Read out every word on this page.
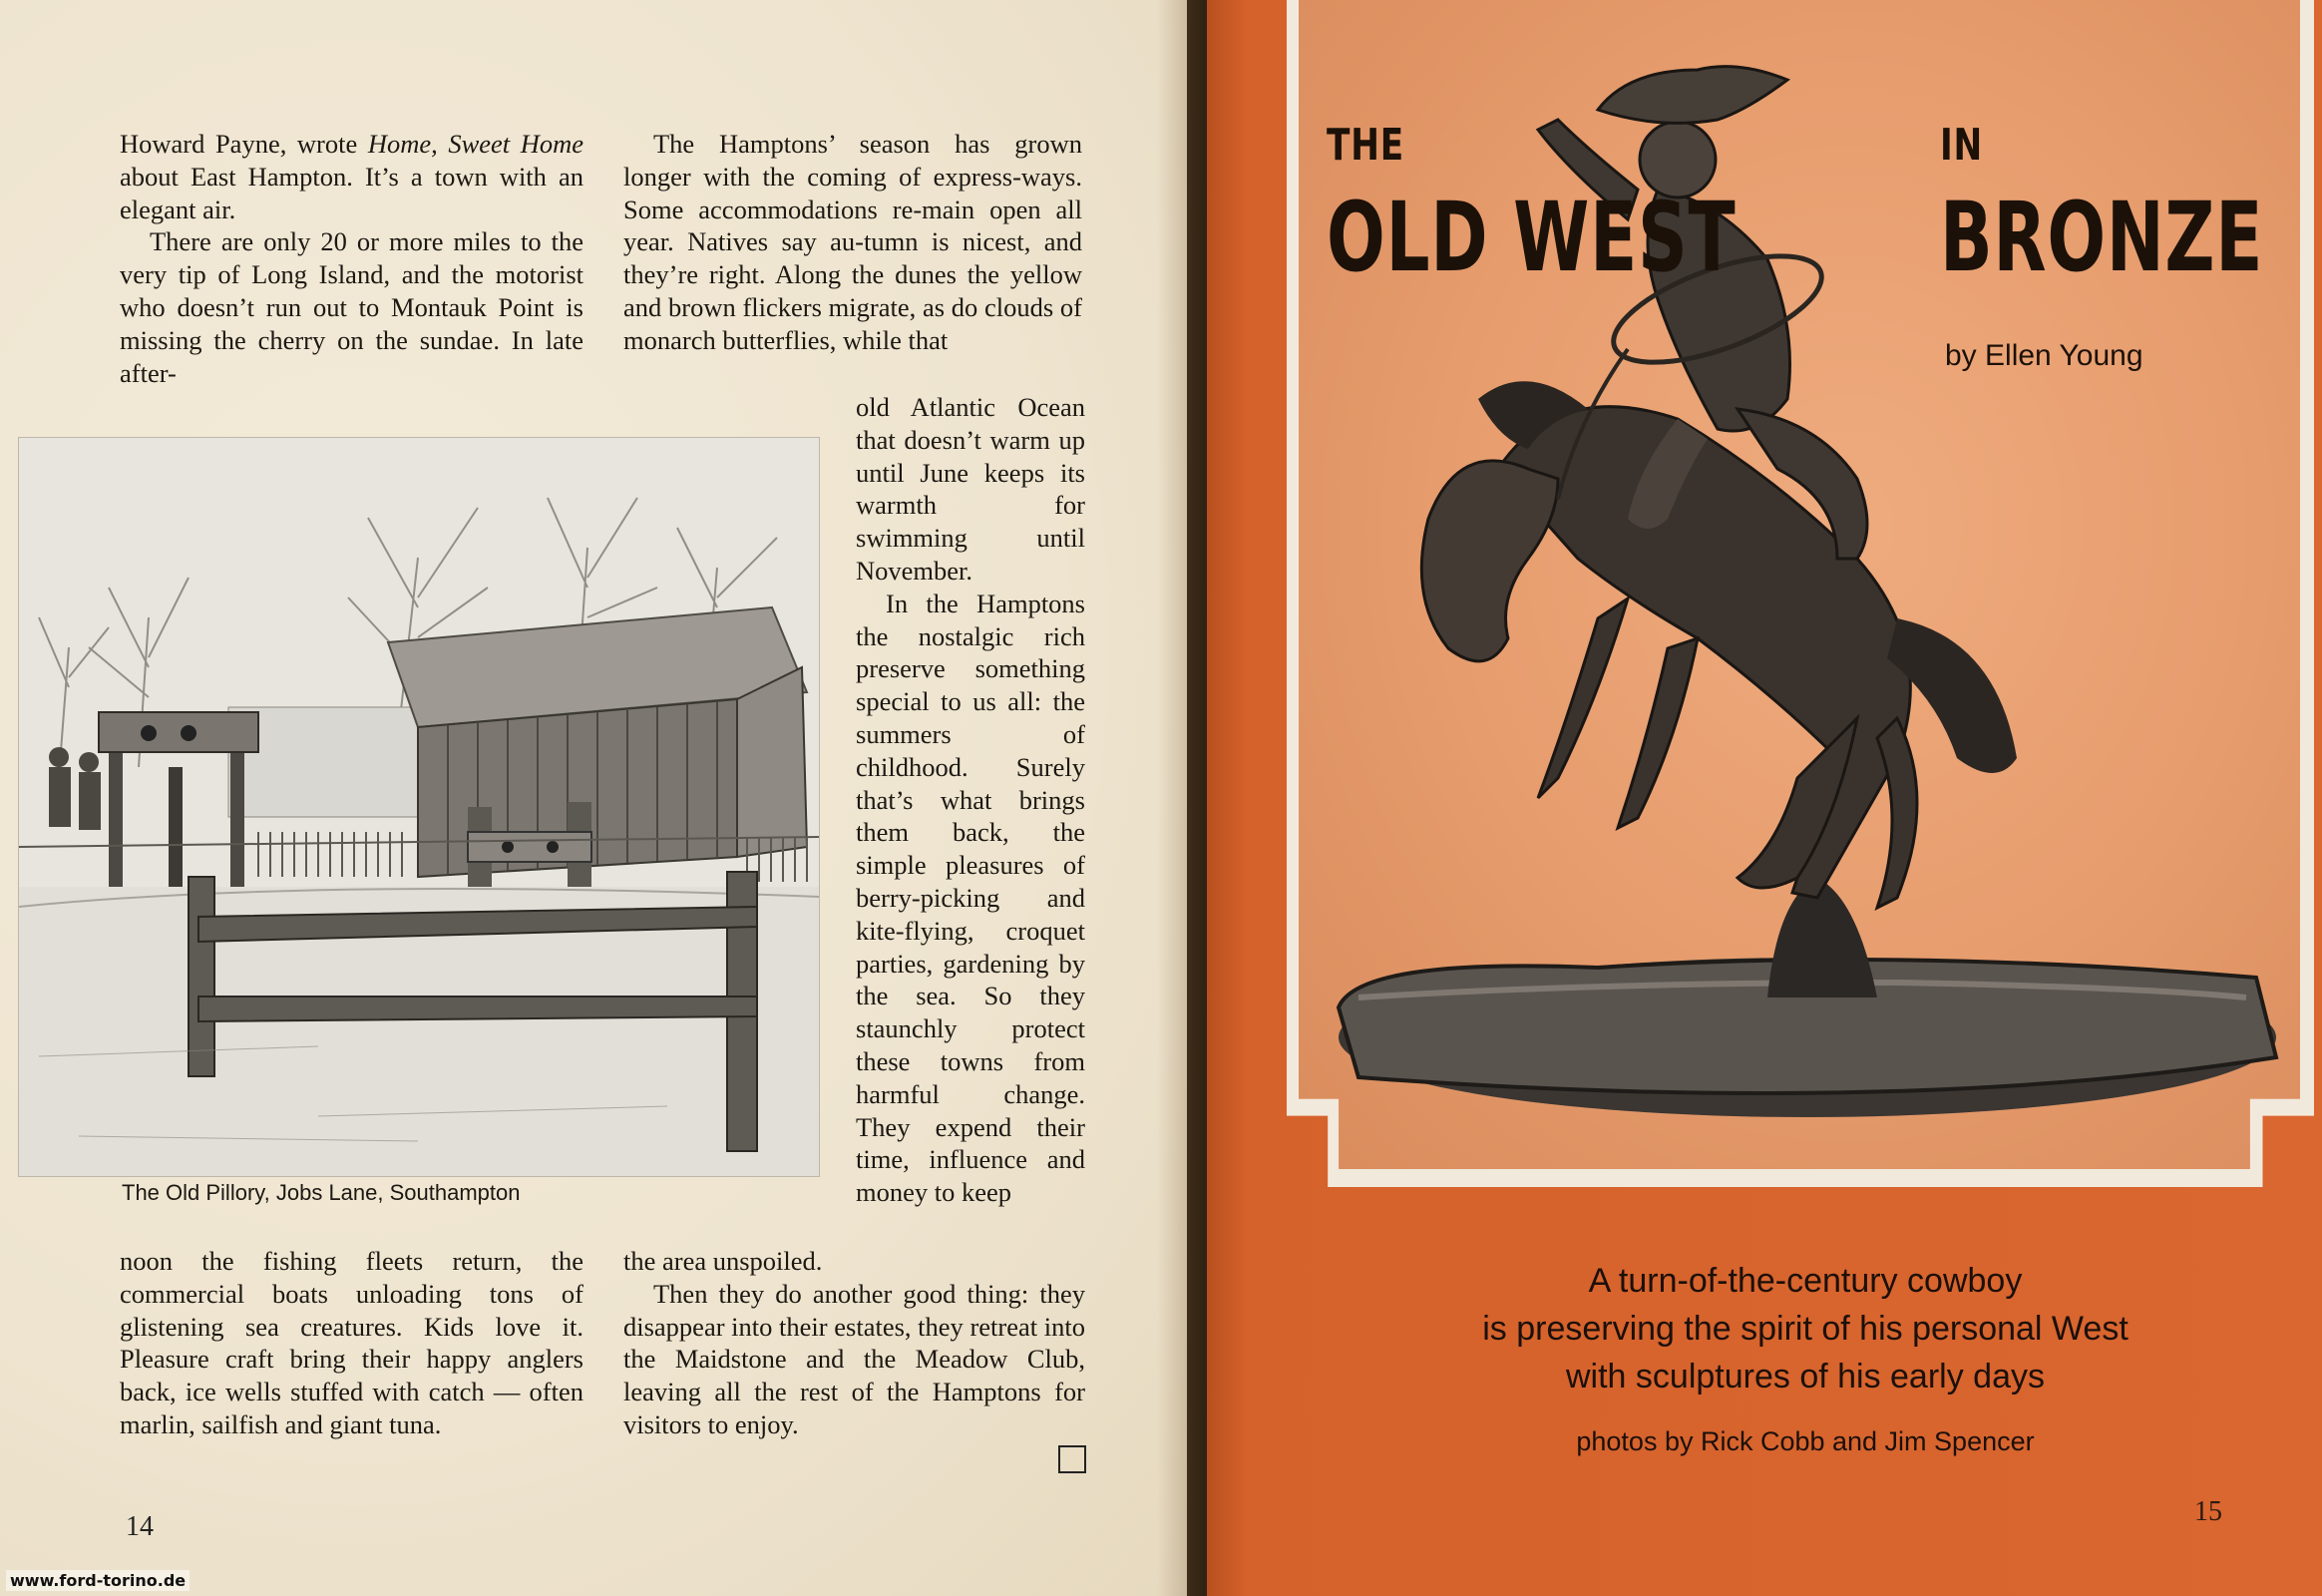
Howard Payne, wrote Home, Sweet Home about East Hampton. It’s a town with an elegant air.

There are only 20 or more miles to the very tip of Long Island, and the motorist who doesn’t run out to Montauk Point is missing the cherry on the sundae. In late after-

The Old Pillory, Jobs Lane, Southampton

noon the fishing fleets return, the commercial boats unloading tons of glistening sea creatures. Kids love it. Pleasure craft bring their happy anglers back, ice wells stuffed with catch — often marlin, sailfish and giant tuna.

The Hamptons’ season has grown longer with the coming of express-ways. Some accommodations re-main open all year. Natives say au-tumn is nicest, and they’re right. Along the dunes the yellow and brown flickers migrate, as do clouds of monarch butterflies, while that

old Atlantic Ocean that doesn’t warm up until June keeps its warmth for swimming until November.

In the Hamptons the nostalgic rich preserve something special to us all: the summers of childhood. Surely that’s what brings them back, the simple pleasures of berry-picking and kite-flying, croquet parties, gardening by the sea. So they staunchly protect these towns from harmful change. They expend their time, influence and money to keep

the area unspoiled.

Then they do another good thing: they disappear into their estates, they retreat into the Maidstone and the Meadow Club, leaving all the rest of the Hamptons for visitors to enjoy.

14
THE
OLD WEST
IN
BRONZE
by Ellen Young
A turn-of-the-century cowboy
is preserving the spirit of his personal West
with sculptures of his early days
photos by Rick Cobb and Jim Spencer
15
www.ford-torino.de
